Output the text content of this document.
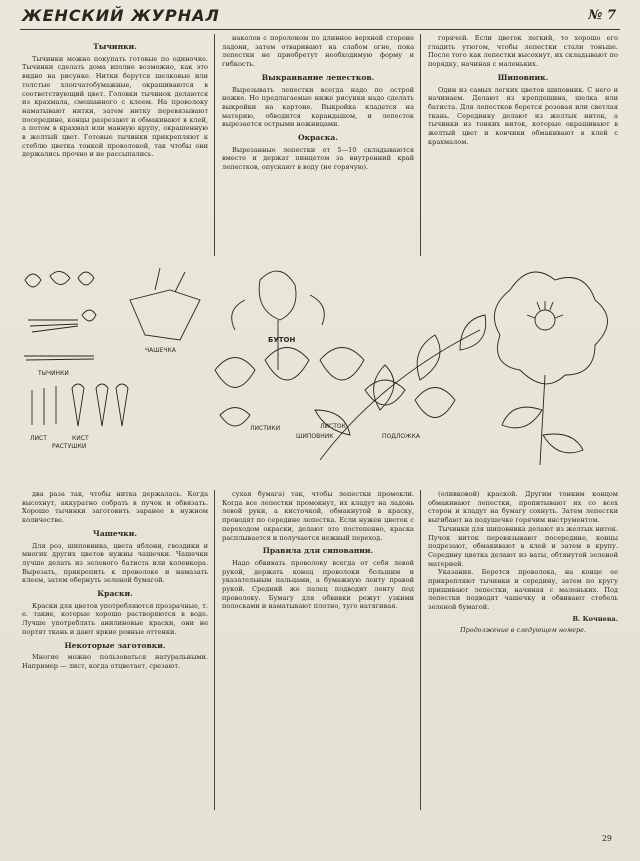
ЖЕНСКИЙ ЖУРНАЛ	№ 7
Тычинки.

Тычинки можно покупать готовые по одиночке. Тычинки сделать дома вполне возможно, как это видно на рисунке. Нитки берутся шелковые или толстые хлопчатобумажные, окрашиваются в соответствующий цвет. Головки тычинок делаются из крахмала, смешанного с клеем. На проволоку наматывают нитки, затем нитку перевязывают посередине, концы разрезают и обмакивают в клей, а потом в крахмал или манную крупу, окрашенную в желтый цвет. Готовые тычинки прикрепляют к стеблю цветка тонкой проволокой, так чтобы они держались прочно и не рассыпались.

наколов с поролоном по длинное верхней стороне ладони, затем отваривают на слабом огне, пока лепестки не приобретут необходимую форму и гибкость.

Выкраивание лепестков.

Вырезывать лепестки всегда надо по острой ножке. Но предлагаемые ниже рисунки надо сделать выкройки на картоне. Выкройка кладется на материю, обводится карандашом, и лепесток вырезается острыми ножницами.

Окраска.

Вырезанные лепестки от 5—10 складываются вместе и держат пинцетом за внутренний край лепестков, опускают в воду (не горячую).

горячей. Если цветок легкий, то хорошо его гладить утюгом, чтобы лепестки стали тоньше. После того как лепестки высохнут, их складывают по порядку, начиная с маленьких.

Шиповник.

Один из самых легких цветов шиповник. С него и начинаем. Делают из крепдешина, шелка или батиста. Для лепестков берется розовая или светлая ткань. Серединку делают из желтых ниток, а тычинки из тонких ниток, которые окрашивают в желтый цвет и кончики обмакивают в клей с крахмалом.

ТЫЧИНКИ
ЛИСТ	КИСТ
РАСТУШКИ
ЧАШЕЧКА
БУТОН
ЛИСТИКИ	ЛИСТОК
ШИПОВНИК	ПОДЛОЖКА

два раза так, чтобы нитка держалась. Когда высохнут, аккуратно собрать в пучок и обвязать. Хорошо тычинки заготовить заранее в нужном количестве.

Чашечки.

Для роз, шиповника, цвета яблони, гвоздики и многих других цветов нужны чашечки. Чашечки лучше делать из зеленого батиста или коленкора. Вырезать, прикрепить к проволоке и намазать клеем, затем обернуть зеленой бумагой.

Краски.

Краски для цветов употребляются прозрачные, т. е. такие, которые хорошо растворяются в воде. Лучше употреблять анилиновые краски, они не портят ткань и дают яркие ровные оттенки.

Некоторые заготовки.

Многие можно пользоваться натуральными. Например — лист, когда отцветает, срезают.

сухая бумага) так, чтобы лепестки промокли. Когда все лепестки промокнут, их кладут на ладонь левой руки, а кисточкой, обмакнутой в краску, проводят по середине лепестка. Если нужен цветок с переходом окраски, делают это постепенно, краска расплывается и получается нежный переход.

Правила для сиповании.

Надо обвивать проволоку всегда от себя левой рукой, держать конец проволоки большим и указательным пальцами, а бумажную ленту правой рукой. Средний же палец подводит ленту под проволоку. Бумагу для обвивки режут узкими полосками и наматывают плотно, туго натягивая.

(оливковой) краской. Другим тонким концом обмакивают лепестки, пропитывают их со всех сторон и кладут на бумагу сохнуть. Затем лепестки выгибают на подушечке горячим инструментом.

Тычинки для шиповника делают из желтых ниток. Пучок ниток перевязывают посередине, концы подрезают, обмакивают в клей и затем в крупу. Середину цветка делают из ваты, обтянутой зеленой материей.

Указания. Берется проволока, на конце ее прикрепляют тычинки и середину, затем по кругу пришивают лепестки, начиная с маленьких. Под лепестки подводят чашечку и обвивают стебель зеленой бумагой.

В. Кочнева.
Продолжение в следующем номере.
29
